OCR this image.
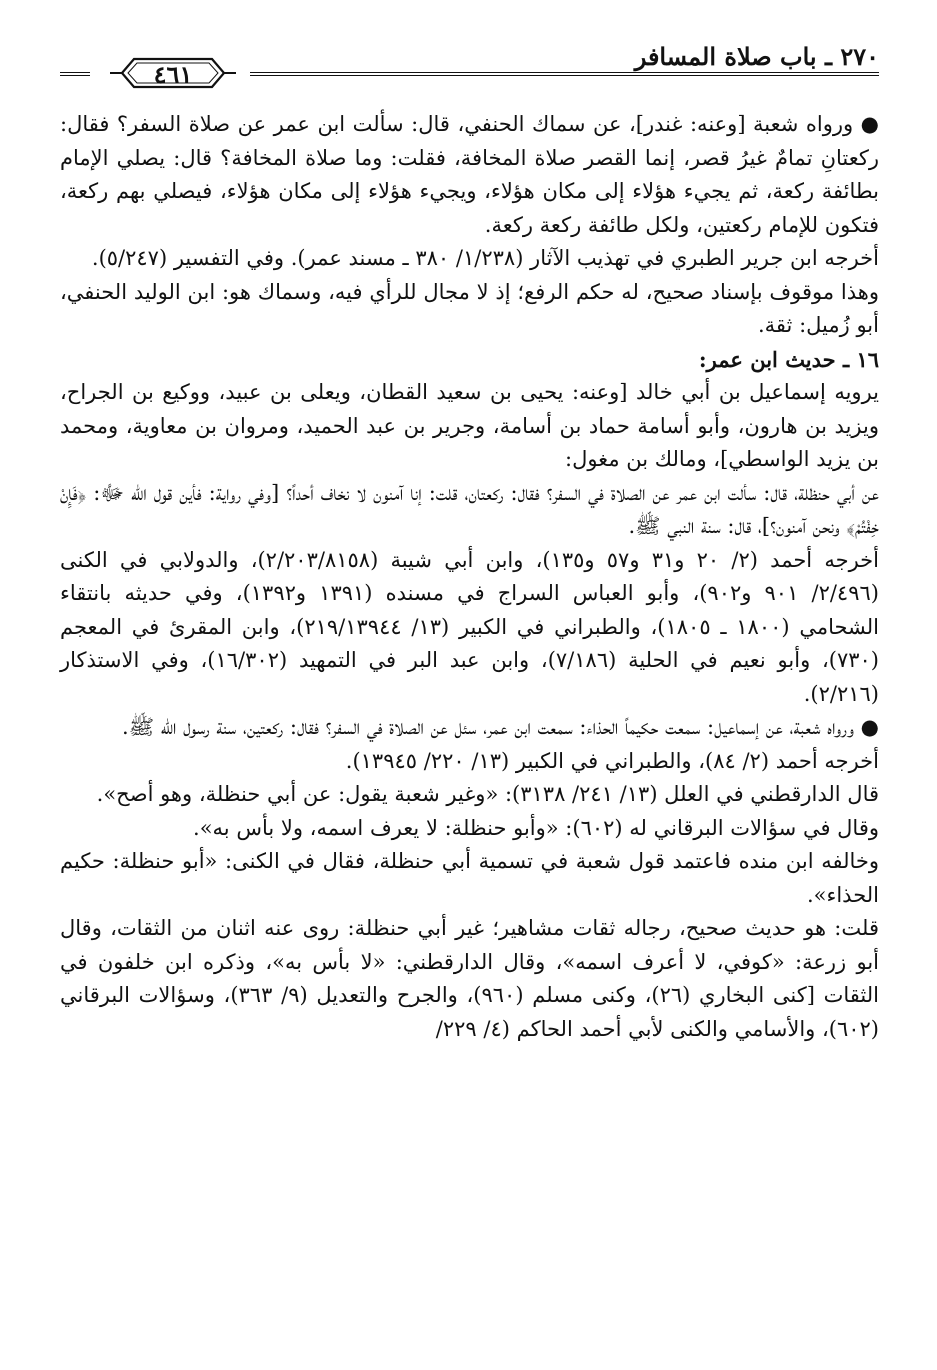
٢٧٠ ـ باب صلاة المسافر
٤٦١

● ورواه شعبة [وعنه: غندر]، عن سماك الحنفي، قال: سألت ابن عمر عن صلاة السفر؟ فقال: ركعتانِ تمامٌ غيرُ قصر، إنما القصر صلاة المخافة، فقلت: وما صلاة المخافة؟ قال: يصلي الإمام بطائفة ركعة، ثم يجيء هؤلاء إلى مكان هؤلاء، ويجيء هؤلاء إلى مكان هؤلاء، فيصلي بهم ركعة، فتكون للإمام ركعتين، ولكل طائفة ركعة ركعة.

أخرجه ابن جرير الطبري في تهذيب الآثار (١/٢٣٨/ ٣٨٠ ـ مسند عمر). وفي التفسير (٥/٢٤٧).

وهذا موقوف بإسناد صحيح، له حكم الرفع؛ إذ لا مجال للرأي فيه، وسماك هو: ابن الوليد الحنفي، أبو زُميل: ثقة.

١٦ ـ حديث ابن عمر:

يرويه إسماعيل بن أبي خالد [وعنه: يحيى بن سعيد القطان، ويعلى بن عبيد، ووكيع بن الجراح، ويزيد بن هارون، وأبو أسامة حماد بن أسامة، وجرير بن عبد الحميد، ومروان بن معاوية، ومحمد بن يزيد الواسطي]، ومالك بن مغول:

عن أبي حنظلة، قال: سألت ابن عمر عن الصلاة في السفر؟ فقال: ركعتان، قلت: إنا آمنون لا نخاف أحداً؟ [وفي رواية: فأين قول الله ﷻ: ﴿فَإِنْ خِفْتُمْ﴾ ونحن آمنون؟]، قال: سنة النبي ﷺ.

أخرجه أحمد (٢/ ٢٠ و٣١ و٥٧ و١٣٥)، وابن أبي شيبة (٢/٢٠٣/٨١٥٨)، والدولابي في الكنى (٢/٤٩٦/ ٩٠١ و٩٠٢)، وأبو العباس السراج في مسنده (١٣٩١ و١٣٩٢)، وفي حديثه بانتقاء الشحامي (١٨٠٠ ـ ١٨٠٥)، والطبراني في الكبير (١٣/ ٢١٩/١٣٩٤٤)، وابن المقرئ في المعجم (٧٣٠)، وأبو نعيم في الحلية (٧/١٨٦)، وابن عبد البر في التمهيد (١٦/٣٠٢)، وفي الاستذكار (٢/٢١٦).

● ورواه شعبة، عن إسماعيل: سمعت حكيماً الحذاء: سمعت ابن عمر، سئل عن الصلاة في السفر؟ فقال: ركعتين، سنة رسول الله ﷺ.

أخرجه أحمد (٢/ ٨٤)، والطبراني في الكبير (١٣/ ٢٢٠/ ١٣٩٤٥).

قال الدارقطني في العلل (١٣/ ٢٤١/ ٣١٣٨): «وغير شعبة يقول: عن أبي حنظلة، وهو أصح».

وقال في سؤالات البرقاني له (٦٠٢): «وأبو حنظلة: لا يعرف اسمه، ولا بأس به».

وخالفه ابن منده فاعتمد قول شعبة في تسمية أبي حنظلة، فقال في الكنى: «أبو حنظلة: حكيم الحذاء».

قلت: هو حديث صحيح، رجاله ثقات مشاهير؛ غير أبي حنظلة: روى عنه اثنان من الثقات، وقال أبو زرعة: «كوفي، لا أعرف اسمه»، وقال الدارقطني: «لا بأس به»، وذكره ابن خلفون في الثقات [كنى البخاري (٢٦)، وكنى مسلم (٩٦٠)، والجرح والتعديل (٩/ ٣٦٣)، وسؤالات البرقاني (٦٠٢)، والأسامي والكنى لأبي أحمد الحاكم (٤/ ٢٢٩/
